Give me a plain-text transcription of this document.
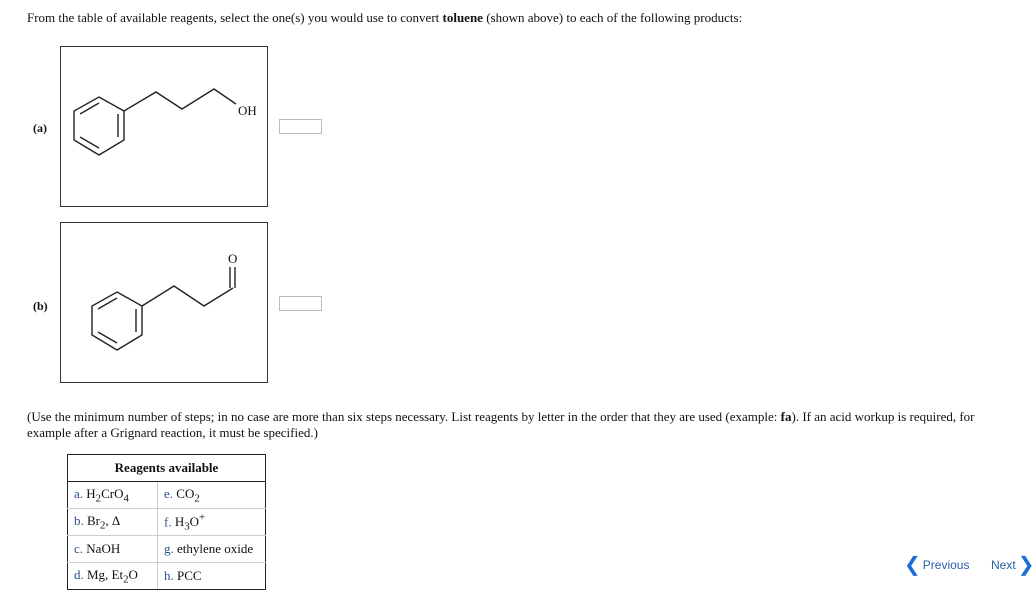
From the table of available reagents, select the one(s) you would use to convert toluene (shown above) to each of the following products:
(a)
OH
(b)
O
(Use the minimum number of steps; in no case are more than six steps necessary. List reagents by letter in the order that they are used (example: fa). If an acid workup is required, for example after a Grignard reaction, it must be specified.)
Reagents available	
a. $H_2CrO_4$	e. $CO_2$
b. $Br_2$, Δ	f. $H_3O^+$
c. NaOH	g. ethylene oxide
d. Mg, $Et_2O$	h. PCC	❮ Previous Next ❯
